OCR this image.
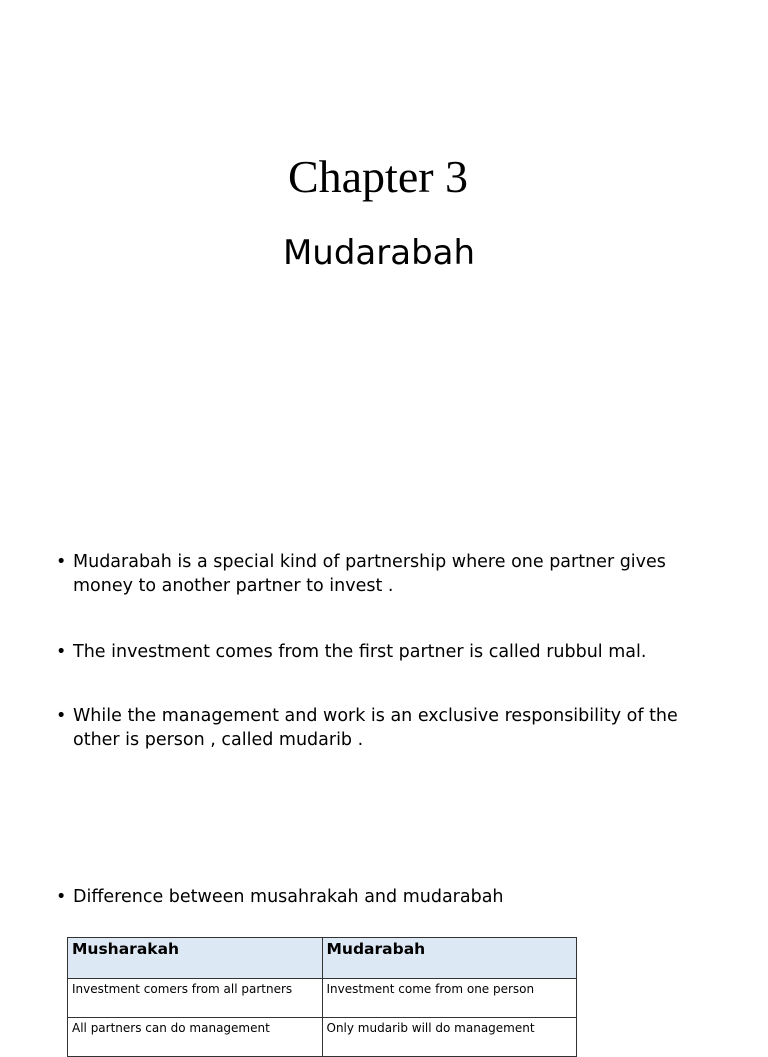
Chapter 3
Mudarabah
• Mudarabah is a special kind of partnership where one partner gives money to another partner to invest .
• The investment comes from the first partner is called rubbul mal.
• While the management and work is an exclusive responsibility of the other is person , called mudarib .
• Difference between musahrakah and mudarabah
Musharakah	Mudarabah
Investment comers from all partners	Investment come from one person
All partners can do management	Only mudarib will do management
